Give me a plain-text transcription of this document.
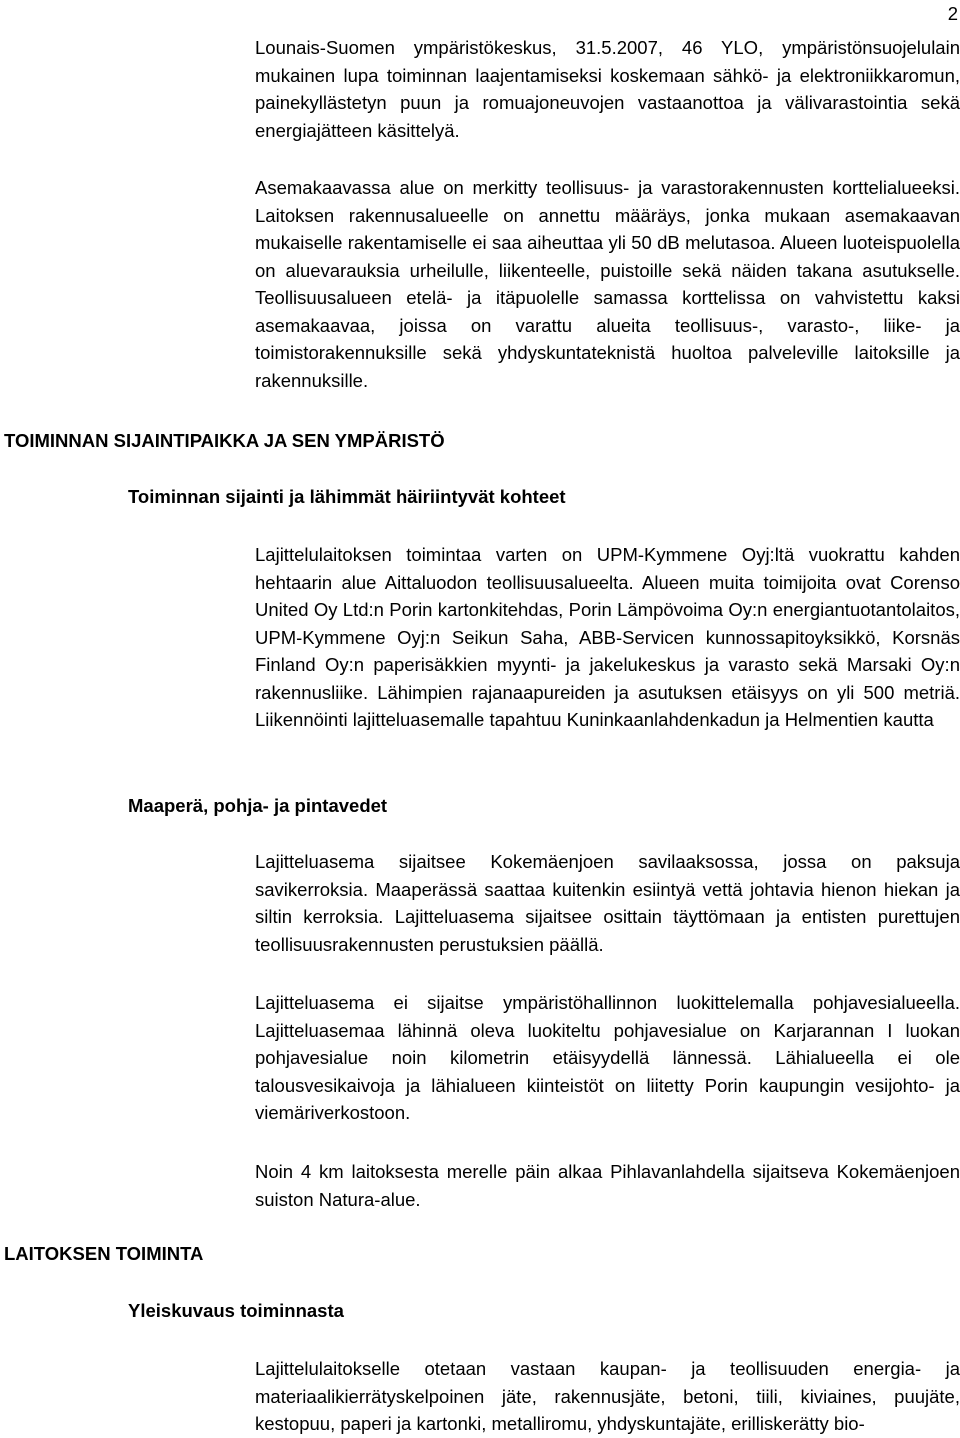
2

Lounais-Suomen ympäristökeskus, 31.5.2007, 46 YLO, ympäristönsuojelulain mukainen lupa toiminnan laajentamiseksi koskemaan sähkö- ja elektroniikkaromun, painekyllästetyn puun ja romuajoneuvojen vastaanottoa ja välivarastointia sekä energiajätteen käsittelyä.

Asemakaavassa alue on merkitty teollisuus- ja varastorakennusten korttelialueeksi. Laitoksen rakennusalueelle on annettu määräys, jonka mukaan asemakaavan mukaiselle rakentamiselle ei saa aiheuttaa yli 50 dB melutasoa. Alueen luoteispuolella on aluevarauksia urheilulle, liikenteelle, puistoille sekä näiden takana asutukselle. Teollisuusalueen etelä- ja itäpuolelle samassa korttelissa on vahvistettu kaksi asemakaavaa, joissa on varattu alueita teollisuus-, varasto-, liike- ja toimistorakennuksille sekä yhdyskuntateknistä huoltoa palveleville laitoksille ja rakennuksille.

TOIMINNAN SIJAINTIPAIKKA JA SEN YMPÄRISTÖ
Toiminnan sijainti ja lähimmät häiriintyvät kohteet

Lajittelulaitoksen toimintaa varten on UPM-Kymmene Oyj:ltä vuokrattu kahden hehtaarin alue Aittaluodon teollisuusalueelta. Alueen muita toimijoita ovat Corenso United Oy Ltd:n Porin kartonkitehdas, Porin Lämpövoima Oy:n energiantuotantolaitos, UPM-Kymmene Oyj:n Seikun Saha, ABB-Servicen kunnossapitoyksikkö, Korsnäs Finland Oy:n paperisäkkien myynti- ja jakelukeskus ja varasto sekä Marsaki Oy:n rakennusliike. Lähimpien rajanaapureiden ja asutuksen etäisyys on yli 500 metriä. Liikennöinti lajitteluasemalle tapahtuu Kuninkaanlahdenkadun ja Helmentien kautta

Maaperä, pohja- ja pintavedet

Lajitteluasema sijaitsee Kokemäenjoen savilaaksossa, jossa on paksuja savikerroksia. Maaperässä saattaa kuitenkin esiintyä vettä johtavia hienon hiekan ja siltin kerroksia. Lajitteluasema sijaitsee osittain täyttömaan ja entisten purettujen teollisuusrakennusten perustuksien päällä.

Lajitteluasema ei sijaitse ympäristöhallinnon luokittelemalla pohjavesialueella. Lajitteluasemaa lähinnä oleva luokiteltu pohjavesialue on Karjarannan I luokan pohjavesialue noin kilometrin etäisyydellä lännessä. Lähialueella ei ole talousvesikaivoja ja lähialueen kiinteistöt on liitetty Porin kaupungin vesijohto- ja viemäriverkostoon.

Noin 4 km laitoksesta merelle päin alkaa Pihlavanlahdella sijaitseva Kokemäenjoen suiston Natura-alue.

LAITOKSEN TOIMINTA
Yleiskuvaus toiminnasta

Lajittelulaitokselle otetaan vastaan kaupan- ja teollisuuden energia- ja materiaalikierrätyskelpoinen jäte, rakennusjäte, betoni, tiili, kiviaines, puujäte, kestopuu, paperi ja kartonki, metalliromu, yhdyskuntajäte, erilliskerätty bio-
